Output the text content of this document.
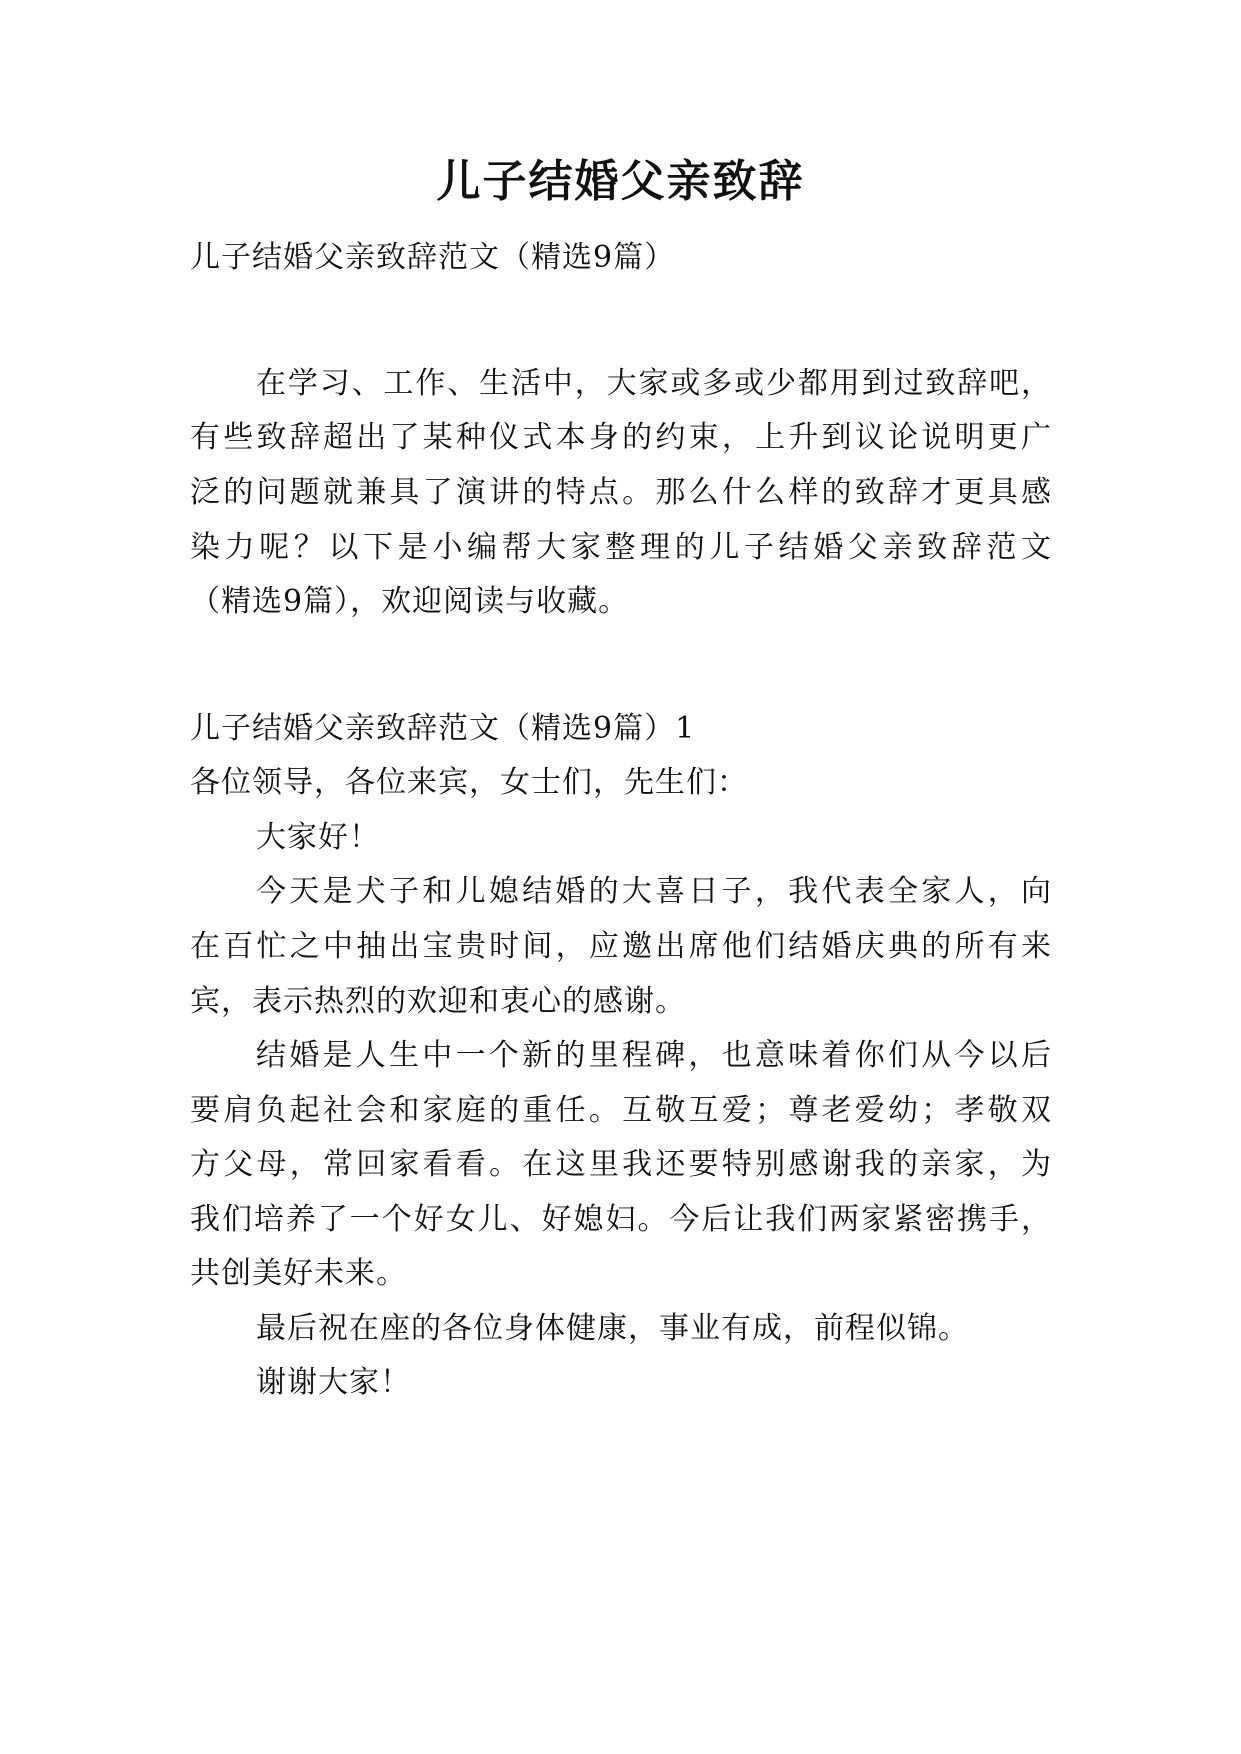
儿子结婚父亲致辞
儿子结婚父亲致辞范文（精选9篇）
在学习、工作、生活中，大家或多或少都用到过致辞吧，
有些致辞超出了某种仪式本身的约束，上升到议论说明更广
泛的问题就兼具了演讲的特点。那么什么样的致辞才更具感
染力呢？以下是小编帮大家整理的儿子结婚父亲致辞范文
（精选9篇），欢迎阅读与收藏。
儿子结婚父亲致辞范文（精选9篇）1
各位领导，各位来宾，女士们，先生们：
大家好！
今天是犬子和儿媳结婚的大喜日子，我代表全家人，向
在百忙之中抽出宝贵时间，应邀出席他们结婚庆典的所有来
宾，表示热烈的欢迎和衷心的感谢。
结婚是人生中一个新的里程碑，也意味着你们从今以后
要肩负起社会和家庭的重任。互敬互爱；尊老爱幼；孝敬双
方父母，常回家看看。在这里我还要特别感谢我的亲家，为
我们培养了一个好女儿、好媳妇。今后让我们两家紧密携手，
共创美好未来。
最后祝在座的各位身体健康，事业有成，前程似锦。
谢谢大家！
